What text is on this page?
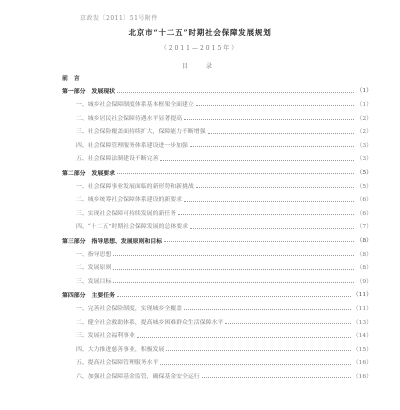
京政发〔2011〕51号附件
北京市“十二五”时期社会保障发展规划
（2011—2015年）
目　录
前　言
第一部分　发展现状	（1）
一、城乡社会保障制度体系基本框架全面建立	（1）
二、城乡居民社会保障待遇水平显著提高	（2）
三、社会保险覆盖面持续扩大，保障能力不断增强	（2）
四、社会保障管理服务体系建设进一步加强	（3）
五、社会保障法制建设不断完善	（3）
第二部分　发展要求	（5）
一、社会保障事业发展面临的新形势和新挑战	（5）
二、城乡统筹社会保障体系建设的新要求	（6）
三、实现社会保障可持续发展的新任务	（6）
四、“十二五”时期社会保障发展的总体要求	（7）
第三部分　指导思想、发展原则和目标	（8）
一、指导思想	（8）
二、发展原则	（8）
三、发展目标	（9）
第四部分　主要任务	（11）
一、完善社会保险制度，实现城乡全覆盖	（11）
二、健全社会救助体系，提高城乡困难群众生活保障水平	（13）
三、发展社会福利事业	（14）
四、大力推进慈善事业，积极发展	（15）
五、提高社会保障管理服务水平	（16）
六、加强社会保障基金监管，确保基金安全运行	（16）
